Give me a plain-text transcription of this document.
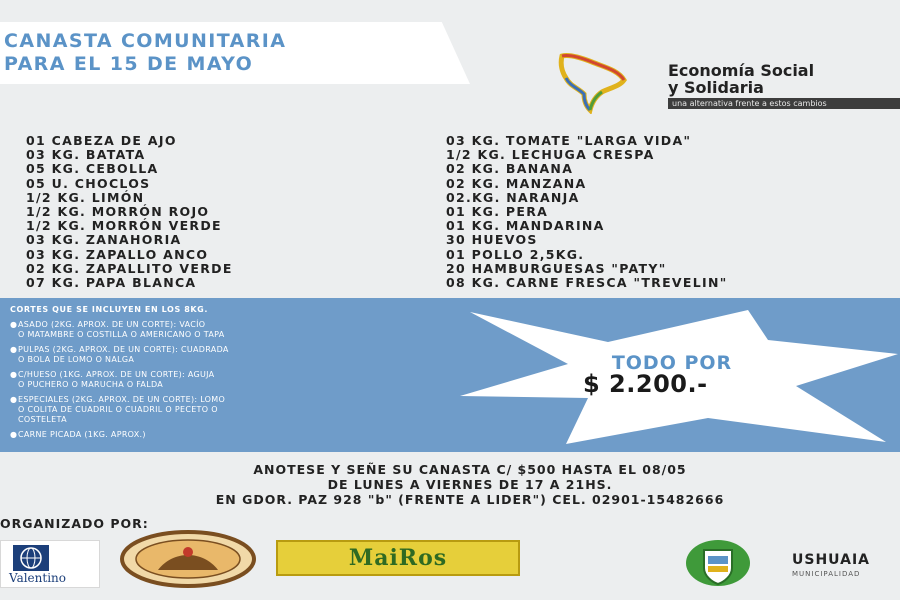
CANASTA COMUNITARIA
PARA EL 15 DE MAYO	Economía Social
y Solidaria
una alternativa frente a estos cambios
01 CABEZA DE AJO
03 KG. BATATA
05 KG. CEBOLLA
05 U. CHOCLOS
1/2 KG. LIMÓN
1/2 KG. MORRÓN ROJO
1/2 KG. MORRÓN VERDE
03 KG. ZANAHORIA
03 KG. ZAPALLO ANCO
02 KG. ZAPALLITO VERDE
07 KG. PAPA BLANCA
03 KG. TOMATE "LARGA VIDA"
1/2 KG. LECHUGA CRESPA
02 KG. BANANA
02 KG. MANZANA
02.KG. NARANJA
01 KG. PERA
01 KG. MANDARINA
30 HUEVOS
01 POLLO 2,5KG.
20 HAMBURGUESAS "PATY"
08 KG. CARNE FRESCA "TREVELIN"
CORTES QUE SE INCLUYEN EN LOS 8KG.
● ASADO (2KG. APROX. DE UN CORTE): VACÍO
O MATAMBRE O COSTILLA O AMERICANO O TAPA
● PULPAS (2KG. APROX. DE UN CORTE): CUADRADA
O BOLA DE LOMO O NALGA
● C/HUESO (1KG. APROX. DE UN CORTE): AGUJA
O PUCHERO O MARUCHA O FALDA
● ESPECIALES (2KG. APROX. DE UN CORTE): LOMO
O COLITA DE CUADRIL O CUADRIL O PECETO O
COSTELETA
● CARNE PICADA (1KG. APROX.)
TODO POR
$ 2.200.-
ANOTESE Y SEÑE SU CANASTA C/ $500 HASTA EL 08/05
DE LUNES A VIERNES DE 17 A 21HS.
EN GDOR. PAZ 928 "b" (FRENTE A LIDER") CEL. 02901-15482666
ORGANIZADO POR:
Valentino
MaiRos	USHUAIA
MUNICIPALIDAD
